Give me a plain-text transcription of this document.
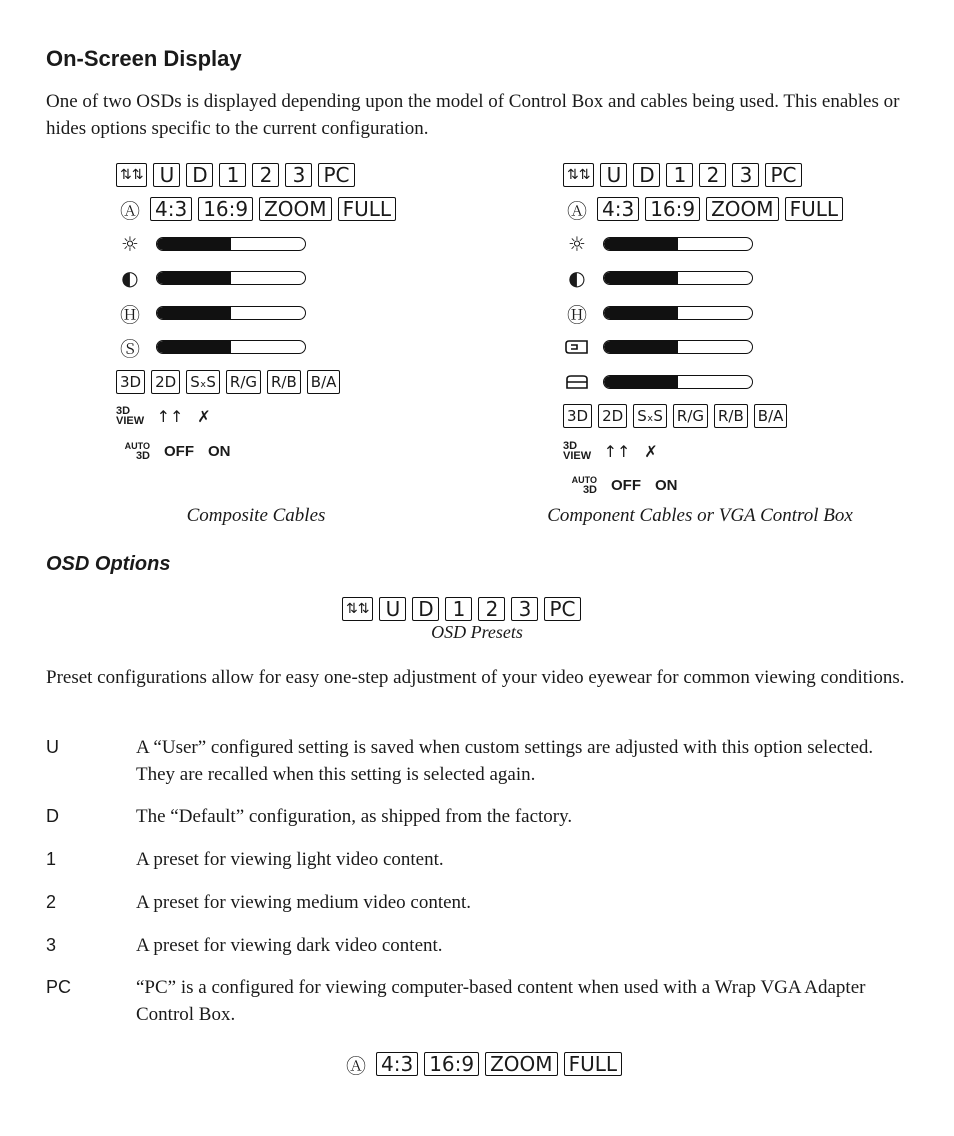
On-Screen Display

One of two OSDs is displayed depending upon the model of Control Box and cables being used. This enables or hides options specific to the current configuration.

⇅⇅ U D 1	2	3 PC
Ⓐ 4:3 16:9 ZOOM FULL
☼
◐
Ⓗ
Ⓢ
3D 2D SₓS R/G R/B B/A
3D
VIEW ↑↑ ✗
AUTO
3D OFF ON
Composite Cables
⇅⇅ U D 1	2	3 PC
Ⓐ 4:3 16:9 ZOOM FULL
☼
◐
Ⓗ
3D 2D SₓS R/G R/B B/A
3D
VIEW ↑↑ ✗
AUTO
3D OFF ON
Component Cables or VGA Control Box
OSD Options
⇅⇅ U D 1	2	3 PC
OSD Presets

Preset configurations allow for easy one-step adjustment of your video eyewear for common viewing conditions.

U	A “User” configured setting is saved when custom settings are adjusted with this option selected. They are recalled when this setting is selected again.

D	The “Default” configuration, as shipped from the factory.

1	A preset for viewing light video content.

2	A preset for viewing medium video content.

3	A preset for viewing dark video content.

PC	“PC” is a configured for viewing computer-based content when used with a Wrap VGA Adapter Control Box.

Ⓐ 4:3 16:9 ZOOM FULL
